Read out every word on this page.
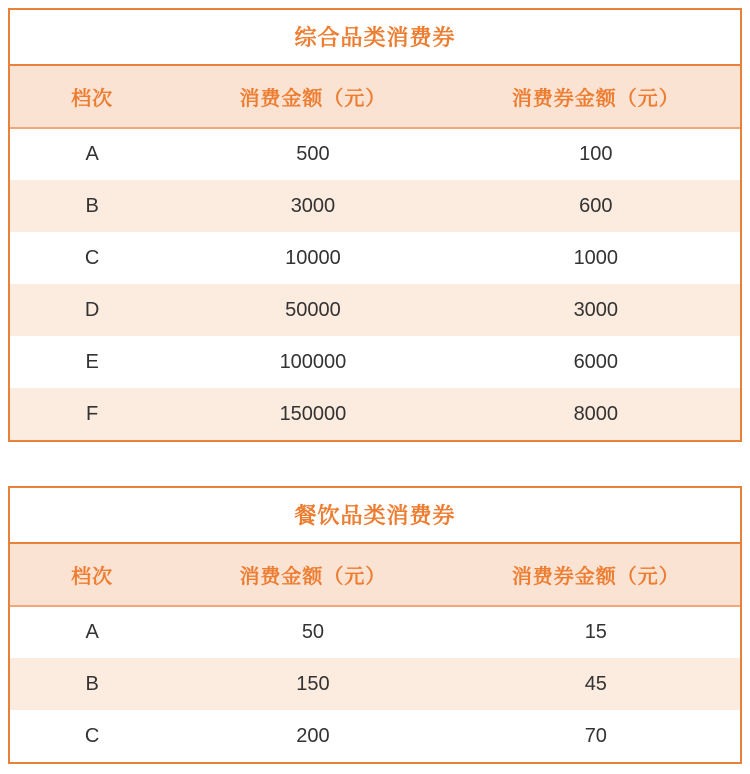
综合品类消费券
档次	消费金额（元）	消费券金额（元）
A	500	100
B	3000	600
C	10000	1000
D	50000	3000
E	100000	6000
F	150000	8000
餐饮品类消费券
档次	消费金额（元）	消费券金额（元）
A	50	15
B	150	45
C	200	70
